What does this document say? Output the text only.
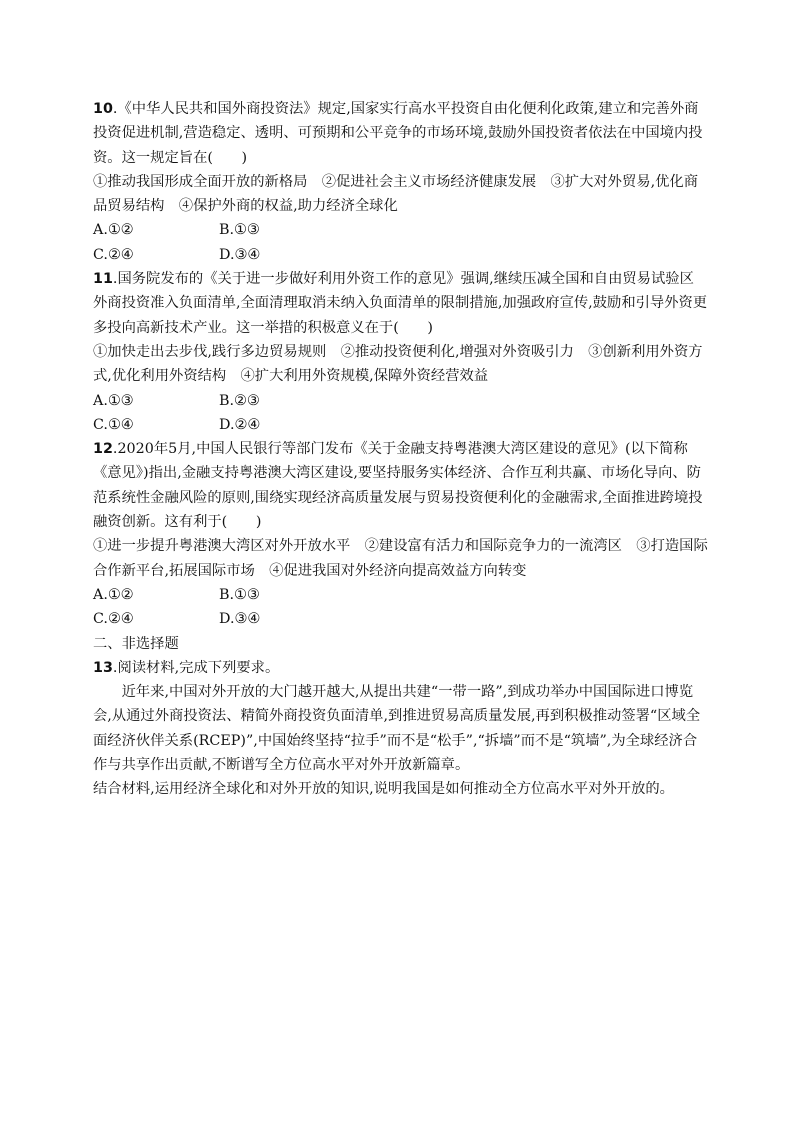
10.《中华人民共和国外商投资法》规定,国家实行高水平投资自由化便利化政策,建立和完善外商投资促进机制,营造稳定、透明、可预期和公平竞争的市场环境,鼓励外国投资者依法在中国境内投资。这一规定旨在(　　)

①推动我国形成全面开放的新格局　②促进社会主义市场经济健康发展　③扩大对外贸易,优化商品贸易结构　④保护外商的权益,助力经济全球化

A.①②	B.①③
C.②④	D.③④

11.国务院发布的《关于进一步做好利用外资工作的意见》强调,继续压减全国和自由贸易试验区外商投资准入负面清单,全面清理取消未纳入负面清单的限制措施,加强政府宣传,鼓励和引导外资更多投向高新技术产业。这一举措的积极意义在于(　　)

①加快走出去步伐,践行多边贸易规则　②推动投资便利化,增强对外资吸引力　③创新利用外资方式,优化利用外资结构　④扩大利用外资规模,保障外资经营效益

A.①③	B.②③
C.①④	D.②④

12.2020年5月,中国人民银行等部门发布《关于金融支持粤港澳大湾区建设的意见》(以下简称《意见》)指出,金融支持粤港澳大湾区建设,要坚持服务实体经济、合作互利共赢、市场化导向、防范系统性金融风险的原则,围绕实现经济高质量发展与贸易投资便利化的金融需求,全面推进跨境投融资创新。这有利于(　　)

①进一步提升粤港澳大湾区对外开放水平　②建设富有活力和国际竞争力的一流湾区　③打造国际合作新平台,拓展国际市场　④促进我国对外经济向提高效益方向转变

A.①②	B.①③
C.②④	D.③④

二、非选择题

13.阅读材料,完成下列要求。

近年来,中国对外开放的大门越开越大,从提出共建“一带一路”,到成功举办中国国际进口博览会,从通过外商投资法、精简外商投资负面清单,到推进贸易高质量发展,再到积极推动签署“区域全面经济伙伴关系(RCEP)”,中国始终坚持“拉手”而不是“松手”,“拆墙”而不是“筑墙”,为全球经济合作与共享作出贡献,不断谱写全方位高水平对外开放新篇章。

结合材料,运用经济全球化和对外开放的知识,说明我国是如何推动全方位高水平对外开放的。
